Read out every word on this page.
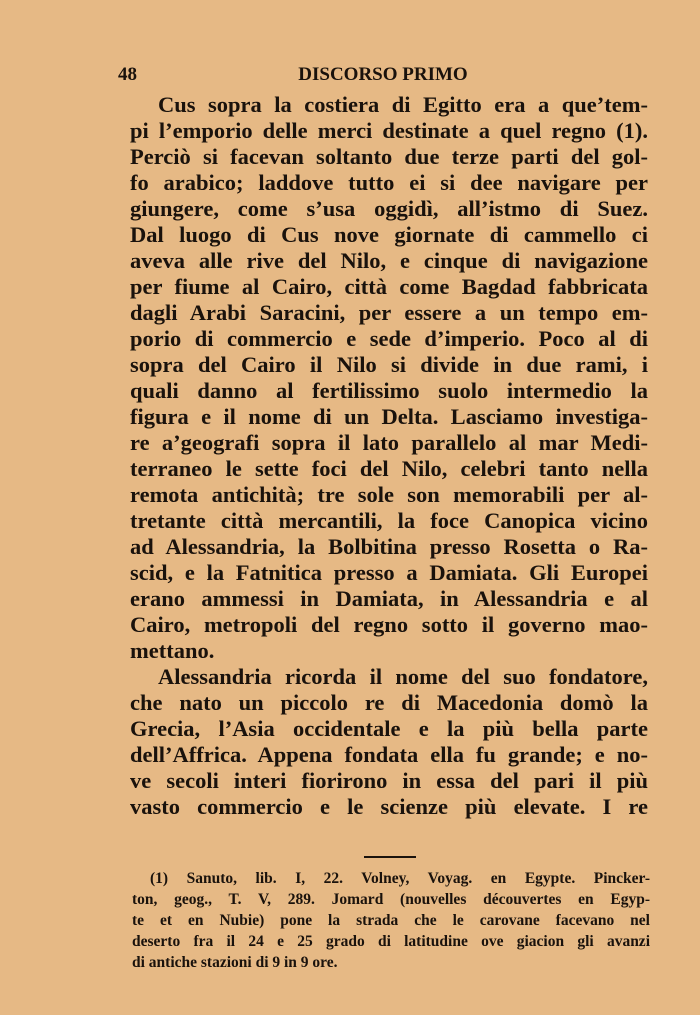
48	DISCORSO PRIMO
Cus sopra la costiera di Egitto era a que’tem-
pi l’emporio delle merci destinate a quel regno (1).
Perciò si facevan soltanto due terze parti del gol-
fo arabico; laddove tutto ei si dee navigare per
giungere, come s’usa oggidì, all’istmo di Suez.
Dal luogo di Cus nove giornate di cammello ci
aveva alle rive del Nilo, e cinque di navigazione
per fiume al Cairo, città come Bagdad fabbricata
dagli Arabi Saracini, per essere a un tempo em-
porio di commercio e sede d’imperio. Poco al di
sopra del Cairo il Nilo si divide in due rami, i
quali danno al fertilissimo suolo intermedio la
figura e il nome di un Delta. Lasciamo investiga-
re a’geografi sopra il lato parallelo al mar Medi-
terraneo le sette foci del Nilo, celebri tanto nella
remota antichità; tre sole son memorabili per al-
tretante città mercantili, la foce Canopica vicino
ad Alessandria, la Bolbitina presso Rosetta o Ra-
scid, e la Fatnitica presso a Damiata. Gli Europei
erano ammessi in Damiata, in Alessandria e al
Cairo, metropoli del regno sotto il governo mao-
mettano.
Alessandria ricorda il nome del suo fondatore,
che nato un piccolo re di Macedonia domò la
Grecia, l’Asia occidentale e la più bella parte
dell’Affrica. Appena fondata ella fu grande; e no-
ve secoli interi fiorirono in essa del pari il più
vasto commercio e le scienze più elevate. I re
(1) Sanuto, lib. I, 22. Volney, Voyag. en Egypte. Pincker-
ton, geog., T. V, 289. Jomard (nouvelles découvertes en Egyp-
te et en Nubie) pone la strada che le carovane facevano nel
deserto fra il 24 e 25 grado di latitudine ove giacion gli avanzi
di antiche stazioni di 9 in 9 ore.
